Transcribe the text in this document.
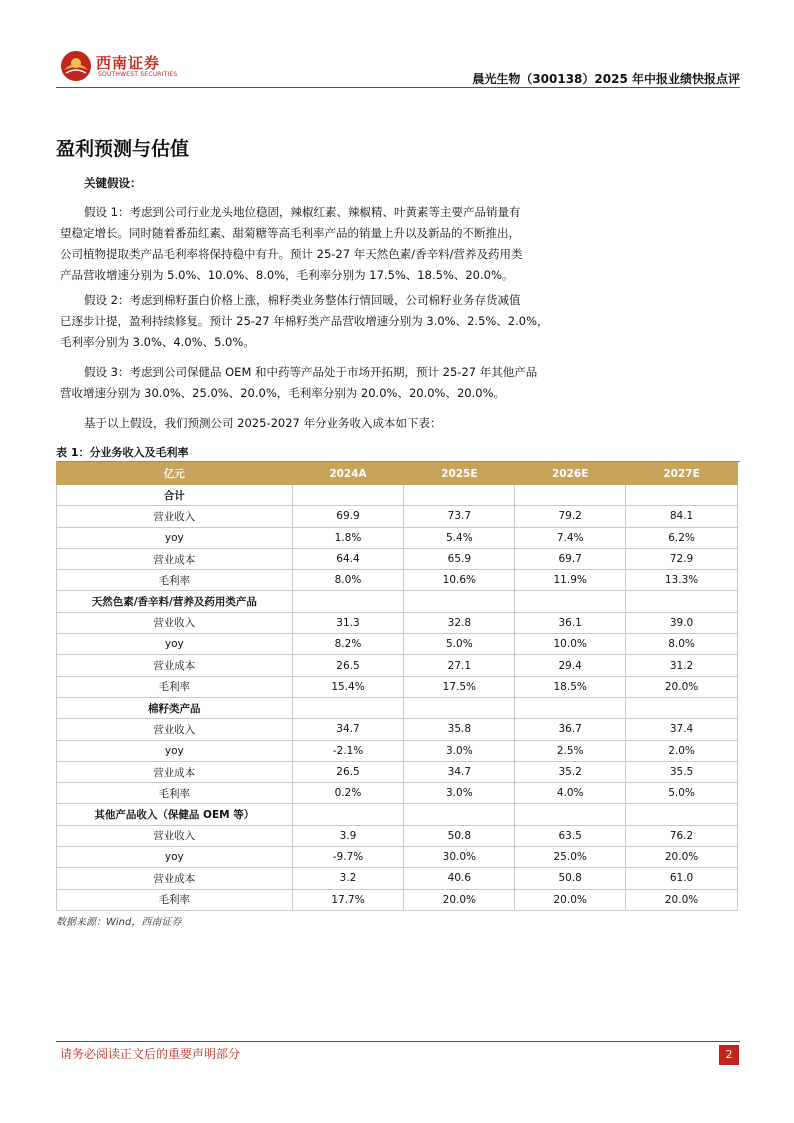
西南证券
SOUTHWEST SECURITIES	晨光生物（300138）2025 年中报业绩快报点评
盈利预测与估值
关键假设：
假设 1：考虑到公司行业龙头地位稳固，辣椒红素、辣椒精、叶黄素等主要产品销量有
望稳定增长。同时随着番茄红素、甜菊糖等高毛利率产品的销量上升以及新品的不断推出，
公司植物提取类产品毛利率将保持稳中有升。预计 25-27 年天然色素/香辛料/营养及药用类
产品营收增速分别为 5.0%、10.0%、8.0%，毛利率分别为 17.5%、18.5%、20.0%。
假设 2：考虑到棉籽蛋白价格上涨，棉籽类业务整体行情回暖，公司棉籽业务存货减值
已逐步计提，盈利持续修复。预计 25-27 年棉籽类产品营收增速分别为 3.0%、2.5%、2.0%，
毛利率分别为 3.0%、4.0%、5.0%。
假设 3：考虑到公司保健品 OEM 和中药等产品处于市场开拓期，预计 25-27 年其他产品
营收增速分别为 30.0%、25.0%、20.0%，毛利率分别为 20.0%、20.0%、20.0%。
基于以上假设，我们预测公司 2025-2027 年分业务收入成本如下表：
表 1：分业务收入及毛利率
亿元	2024A	2025E	2026E	2027E
合计				
营业收入	69.9	73.7	79.2	84.1
yoy	1.8%	5.4%	7.4%	6.2%
营业成本	64.4	65.9	69.7	72.9
毛利率	8.0%	10.6%	11.9%	13.3%
天然色素/香辛料/营养及药用类产品				
营业收入	31.3	32.8	36.1	39.0
yoy	8.2%	5.0%	10.0%	8.0%
营业成本	26.5	27.1	29.4	31.2
毛利率	15.4%	17.5%	18.5%	20.0%
棉籽类产品				
营业收入	34.7	35.8	36.7	37.4
yoy	-2.1%	3.0%	2.5%	2.0%
营业成本	26.5	34.7	35.2	35.5
毛利率	0.2%	3.0%	4.0%	5.0%
其他产品收入（保健品 OEM 等）				
营业收入	3.9	50.8	63.5	76.2
yoy	-9.7%	30.0%	25.0%	20.0%
营业成本	3.2	40.6	50.8	61.0
毛利率	17.7%	20.0%	20.0%	20.0%
数据来源：Wind，西南证券
请务必阅读正文后的重要声明部分	2
